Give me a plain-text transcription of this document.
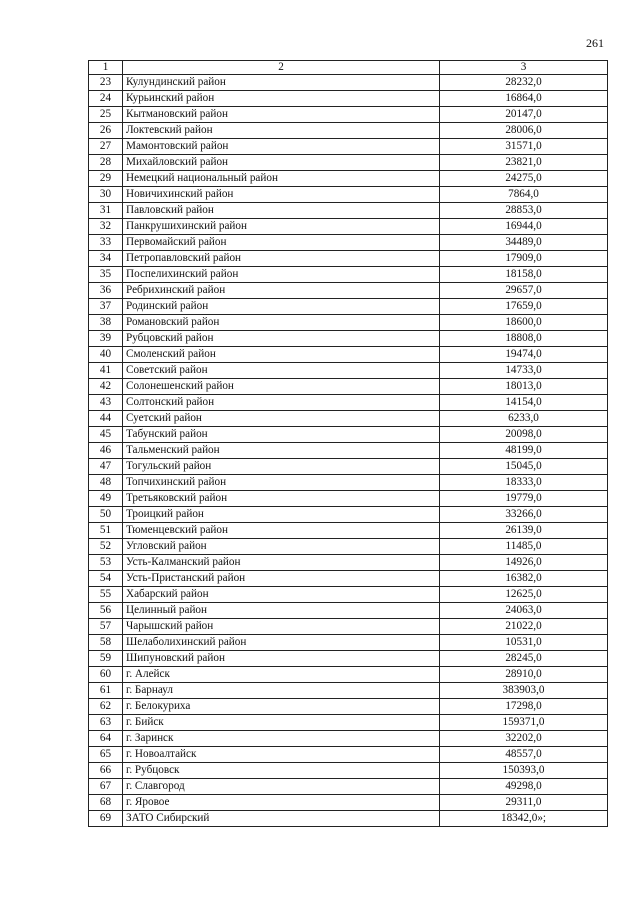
261
1	2	3
23	Кулундинский район	28232,0
24	Курьинский район	16864,0
25	Кытмановский район	20147,0
26	Локтевский район	28006,0
27	Мамонтовский район	31571,0
28	Михайловский район	23821,0
29	Немецкий национальный район	24275,0
30	Новичихинский район	7864,0
31	Павловский район	28853,0
32	Панкрушихинский район	16944,0
33	Первомайский район	34489,0
34	Петропавловский район	17909,0
35	Поспелихинский район	18158,0
36	Ребрихинский район	29657,0
37	Родинский район	17659,0
38	Романовский район	18600,0
39	Рубцовский район	18808,0
40	Смоленский район	19474,0
41	Советский район	14733,0
42	Солонешенский район	18013,0
43	Солтонский район	14154,0
44	Суетский район	6233,0
45	Табунский район	20098,0
46	Тальменский район	48199,0
47	Тогульский район	15045,0
48	Топчихинский район	18333,0
49	Третьяковский район	19779,0
50	Троицкий район	33266,0
51	Тюменцевский район	26139,0
52	Угловский район	11485,0
53	Усть-Калманский район	14926,0
54	Усть-Пристанский район	16382,0
55	Хабарский район	12625,0
56	Целинный район	24063,0
57	Чарышский район	21022,0
58	Шелаболихинский район	10531,0
59	Шипуновский район	28245,0
60	г. Алейск	28910,0
61	г. Барнаул	383903,0
62	г. Белокуриха	17298,0
63	г. Бийск	159371,0
64	г. Заринск	32202,0
65	г. Новоалтайск	48557,0
66	г. Рубцовск	150393,0
67	г. Славгород	49298,0
68	г. Яровое	29311,0
69	ЗАТО Сибирский	18342,0»;
